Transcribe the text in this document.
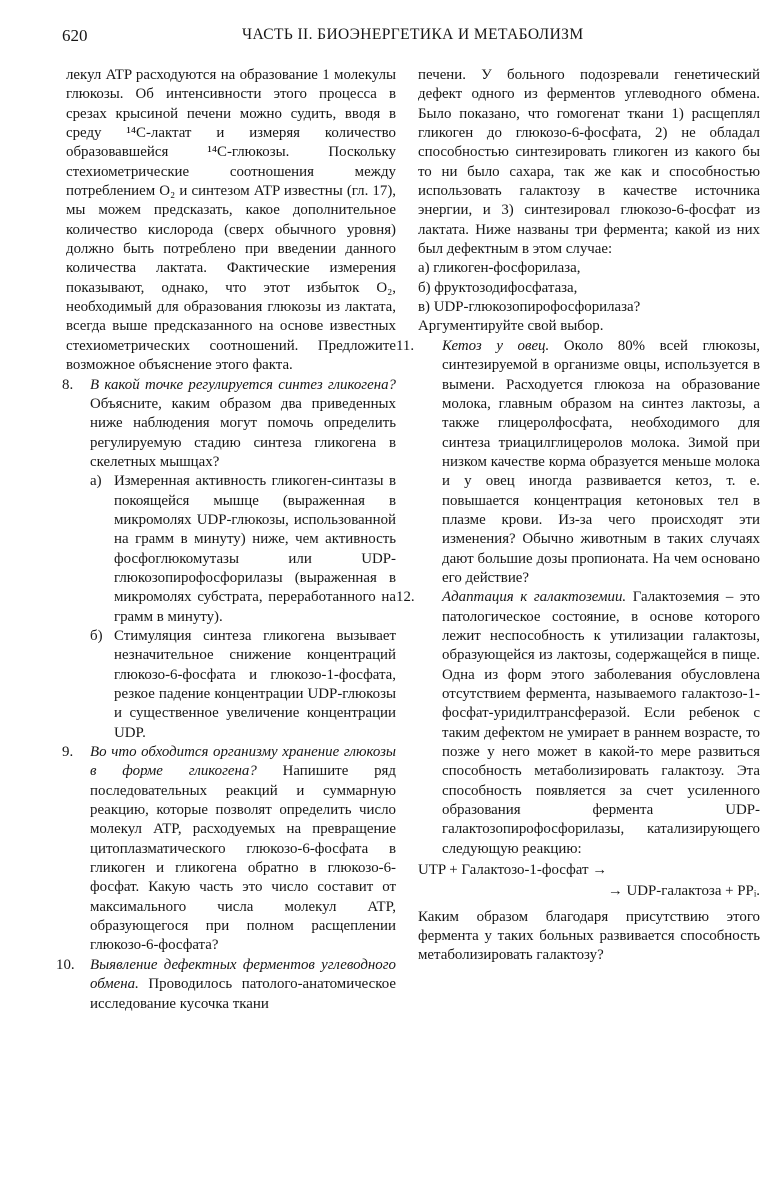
620	ЧАСТЬ II. БИОЭНЕРГЕТИКА И МЕТАБОЛИЗМ

лекул ATP расходуются на образование 1 молекулы глюкозы. Об интенсивности этого процесса в срезах крысиной печени можно судить, вводя в среду ¹⁴С-лактат и измеряя количество образовавшейся ¹⁴С-глюкозы. Поскольку стехиометрические соотношения между потреблением O₂ и синтезом ATP известны (гл. 17), мы можем предсказать, какое дополнительное количество кислорода (сверх обычного уровня) должно быть потреблено при введении данного количества лактата. Фактические измерения показывают, однако, что этот избыток O₂, необходимый для образования глюкозы из лактата, всегда выше предсказанного на основе известных стехиометрических соотношений. Предложите возможное объяснение этого факта.

8. В какой точке регулируется синтез гликогена? Объясните, каким образом два приведенных ниже наблюдения могут помочь определить регулируемую стадию синтеза гликогена в скелетных мышцах?

а) Измеренная активность гликоген-синтазы в покоящейся мышце (выраженная в микромолях UDP-глюкозы, использованной на грамм в минуту) ниже, чем активность фосфоглюкомутазы или UDP-глюкозопирофосфорилазы (выраженная в микромолях субстрата, переработанного на грамм в минуту).

б) Стимуляция синтеза гликогена вызывает незначительное снижение концентраций глюкозо-6-фосфата и глюкозо-1-фосфата, резкое падение концентрации UDP-глюкозы и существенное увеличение концентрации UDP.

9. Во что обходится организму хранение глюкозы в форме гликогена? Напишите ряд последовательных реакций и суммарную реакцию, которые позволят определить число молекул ATP, расходуемых на превращение цитоплазматического глюкозо-6-фосфата в гликоген и гликогена обратно в глюкозо-6-фосфат. Какую часть это число составит от максимального числа молекул ATP, образующегося при полном расщеплении глюкозо-6-фосфата?

10. Выявление дефектных ферментов углеводного обмена. Проводилось патолого-анатомическое исследование кусочка ткани

печени. У больного подозревали генетический дефект одного из ферментов углеводного обмена. Было показано, что гомогенат ткани 1) расщеплял гликоген до глюкозо-6-фосфата, 2) не обладал способностью синтезировать гликоген из какого бы то ни было сахара, так же как и способностью использовать галактозу в качестве источника энергии, и 3) синтезировал глюкозо-6-фосфат из лактата. Ниже названы три фермента; какой из них был дефектным в этом случае:

а) гликоген-фосфорилаза,

б) фруктозодифосфатаза,

в) UDP-глюкозопирофосфорилаза?

Аргументируйте свой выбор.

11. Кетоз у овец. Около 80% всей глюкозы, синтезируемой в организме овцы, используется в вымени. Расходуется глюкоза на образование молока, главным образом на синтез лактозы, а также глицеролфосфата, необходимого для синтеза триацилглицеролов молока. Зимой при низком качестве корма образуется меньше молока и у овец иногда развивается кетоз, т. е. повышается концентрация кетоновых тел в плазме крови. Из-за чего происходят эти изменения? Обычно животным в таких случаях дают большие дозы пропионата. На чем основано его действие?

12. Адаптация к галактоземии. Галактоземия – это патологическое состояние, в основе которого лежит неспособность к утилизации галактозы, образующейся из лактозы, содержащейся в пище. Одна из форм этого заболевания обусловлена отсутствием фермента, называемого галактозо-1-фосфат-уридилтрансферазой. Если ребенок с таким дефектом не умирает в раннем возрасте, то позже у него может в какой-то мере развиться способность метаболизировать галактозу. Эта способность появляется за счет усиленного образования фермента UDP-галактозопирофосфорилазы, катализирующего следующую реакцию:

UTP + Галактозо-1-фосфат →

→ UDP-галактоза + PPᵢ.

Каким образом благодаря присутствию этого фермента у таких больных развивается способность метаболизировать галактозу?
